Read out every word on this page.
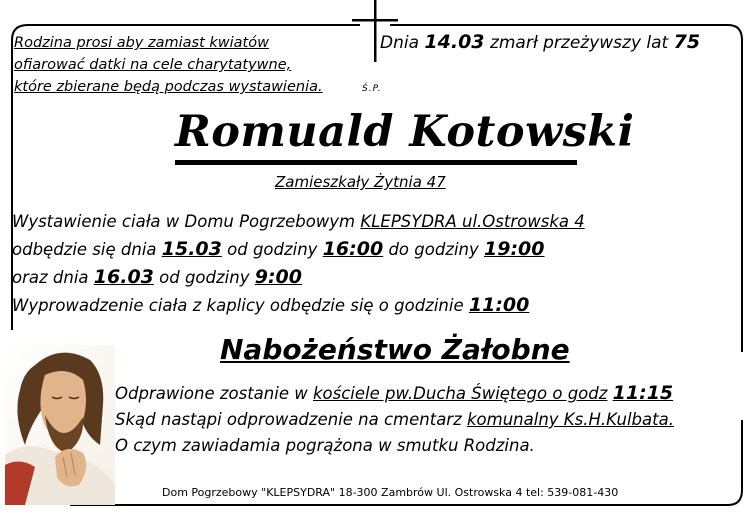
Rodzina prosi aby zamiast kwiatów
ofiarować datki na cele charytatywne,
które zbierane będą podczas wystawienia.
Dnia 14.03 zmarł przeżywszy lat 75
Ś.P.
Romuald Kotowski
Zamieszkały Żytnia 47
Wystawienie ciała w Domu Pogrzebowym KLEPSYDRA ul.Ostrowska 4
odbędzie się dnia 15.03 od godziny 16:00 do godziny 19:00
oraz dnia 16.03 od godziny 9:00
Wyprowadzenie ciała z kaplicy odbędzie się o godzinie 11:00
Nabożeństwo Żałobne
Odprawione zostanie w kościele pw.Ducha Świętego o godz 11:15
Skąd nastąpi odprowadzenie na cmentarz komunalny Ks.H.Kulbata.
O czym zawiadamia pogrążona w smutku Rodzina.
Dom Pogrzebowy "KLEPSYDRA" 18-300 Zambrów Ul. Ostrowska 4 tel: 539-081-430
